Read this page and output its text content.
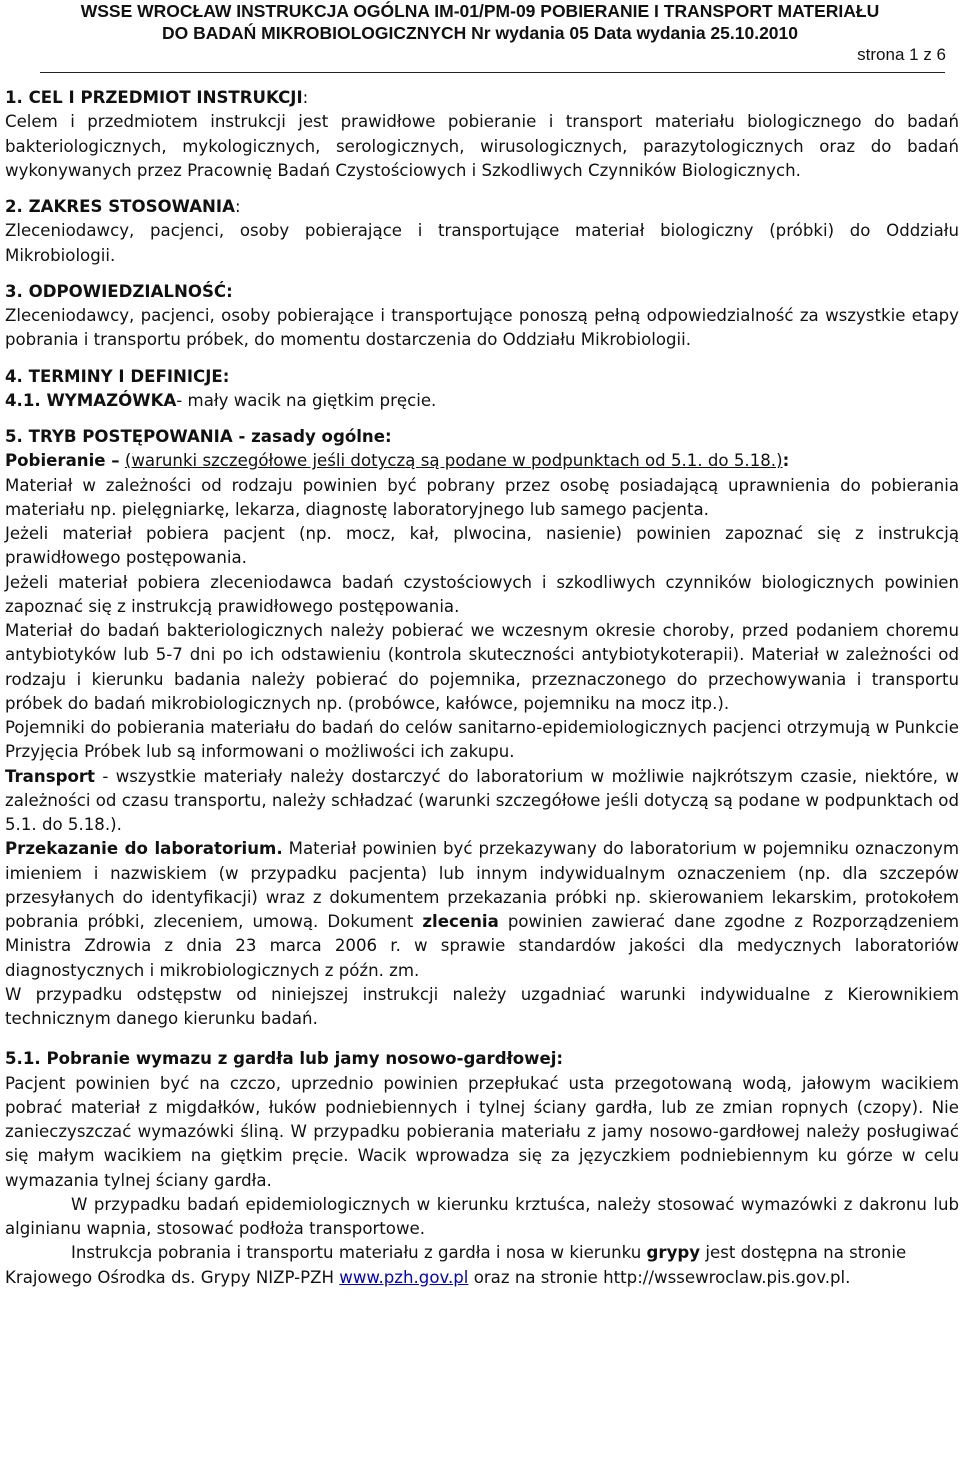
WSSE WROCŁAW INSTRUKCJA OGÓLNA IM-01/PM-09 POBIERANIE I TRANSPORT MATERIAŁU
DO BADAŃ MIKROBIOLOGICZNYCH Nr wydania 05 Data wydania 25.10.2010
strona 1 z 6

1. CEL I PRZEDMIOT INSTRUKCJI:

Celem i przedmiotem instrukcji jest prawidłowe pobieranie i transport materiału biologicznego do badań bakteriologicznych, mykologicznych, serologicznych, wirusologicznych, parazytologicznych oraz do badań wykonywanych przez Pracownię Badań Czystościowych i Szkodliwych Czynników Biologicznych.

2. ZAKRES STOSOWANIA:

Zleceniodawcy, pacjenci, osoby pobierające i transportujące materiał biologiczny (próbki) do Oddziału Mikrobiologii.

3. ODPOWIEDZIALNOŚĆ:

Zleceniodawcy, pacjenci, osoby pobierające i transportujące ponoszą pełną odpowiedzialność za wszystkie etapy pobrania i transportu próbek, do momentu dostarczenia do Oddziału Mikrobiologii.

4. TERMINY I DEFINICJE:

4.1. WYMAZÓWKA- mały wacik na giętkim pręcie.

5. TRYB POSTĘPOWANIA - zasady ogólne:

Pobieranie – (warunki szczegółowe jeśli dotyczą są podane w podpunktach od 5.1. do 5.18.):

Materiał w zależności od rodzaju powinien być pobrany przez osobę posiadającą uprawnienia do pobierania materiału np. pielęgniarkę, lekarza, diagnostę laboratoryjnego lub samego pacjenta.

Jeżeli materiał pobiera pacjent (np. mocz, kał, plwocina, nasienie) powinien zapoznać się z instrukcją prawidłowego postępowania.

Jeżeli materiał pobiera zleceniodawca badań czystościowych i szkodliwych czynników biologicznych powinien zapoznać się z instrukcją prawidłowego postępowania.

Materiał do badań bakteriologicznych należy pobierać we wczesnym okresie choroby, przed podaniem choremu antybiotyków lub 5-7 dni po ich odstawieniu (kontrola skuteczności antybiotykoterapii). Materiał w zależności od rodzaju i kierunku badania należy pobierać do pojemnika, przeznaczonego do przechowywania i transportu próbek do badań mikrobiologicznych np. (probówce, kałówce, pojemniku na mocz itp.).

Pojemniki do pobierania materiału do badań do celów sanitarno-epidemiologicznych pacjenci otrzymują w Punkcie Przyjęcia Próbek lub są informowani o możliwości ich zakupu.

Transport - wszystkie materiały należy dostarczyć do laboratorium w możliwie najkrótszym czasie, niektóre, w zależności od czasu transportu, należy schładzać (warunki szczegółowe jeśli dotyczą są podane w podpunktach od 5.1. do 5.18.).

Przekazanie do laboratorium. Materiał powinien być przekazywany do laboratorium w pojemniku oznaczonym imieniem i nazwiskiem (w przypadku pacjenta) lub innym indywidualnym oznaczeniem (np. dla szczepów przesyłanych do identyfikacji) wraz z dokumentem przekazania próbki np. skierowaniem lekarskim, protokołem pobrania próbki, zleceniem, umową. Dokument zlecenia powinien zawierać dane zgodne z Rozporządzeniem Ministra Zdrowia z dnia 23 marca 2006 r. w sprawie standardów jakości dla medycznych laboratoriów diagnostycznych i mikrobiologicznych z późn. zm.

W przypadku odstępstw od niniejszej instrukcji należy uzgadniać warunki indywidualne z Kierownikiem technicznym danego kierunku badań.

5.1. Pobranie wymazu z gardła lub jamy nosowo-gardłowej:

Pacjent powinien być na czczo, uprzednio powinien przepłukać usta przegotowaną wodą, jałowym wacikiem pobrać materiał z migdałków, łuków podniebiennych i tylnej ściany gardła, lub ze zmian ropnych (czopy). Nie zanieczyszczać wymazówki śliną. W przypadku pobierania materiału z jamy nosowo-gardłowej należy posługiwać się małym wacikiem na giętkim pręcie. Wacik wprowadza się za języczkiem podniebiennym ku górze w celu wymazania tylnej ściany gardła.

W przypadku badań epidemiologicznych w kierunku krztuśca, należy stosować wymazówki z dakronu lub alginianu wapnia, stosować podłoża transportowe.

Instrukcja pobrania i transportu materiału z gardła i nosa w kierunku grypy jest dostępna na stronie Krajowego Ośrodka ds. Grypy NIZP-PZH www.pzh.gov.pl oraz na stronie http://wssewroclaw.pis.gov.pl.
